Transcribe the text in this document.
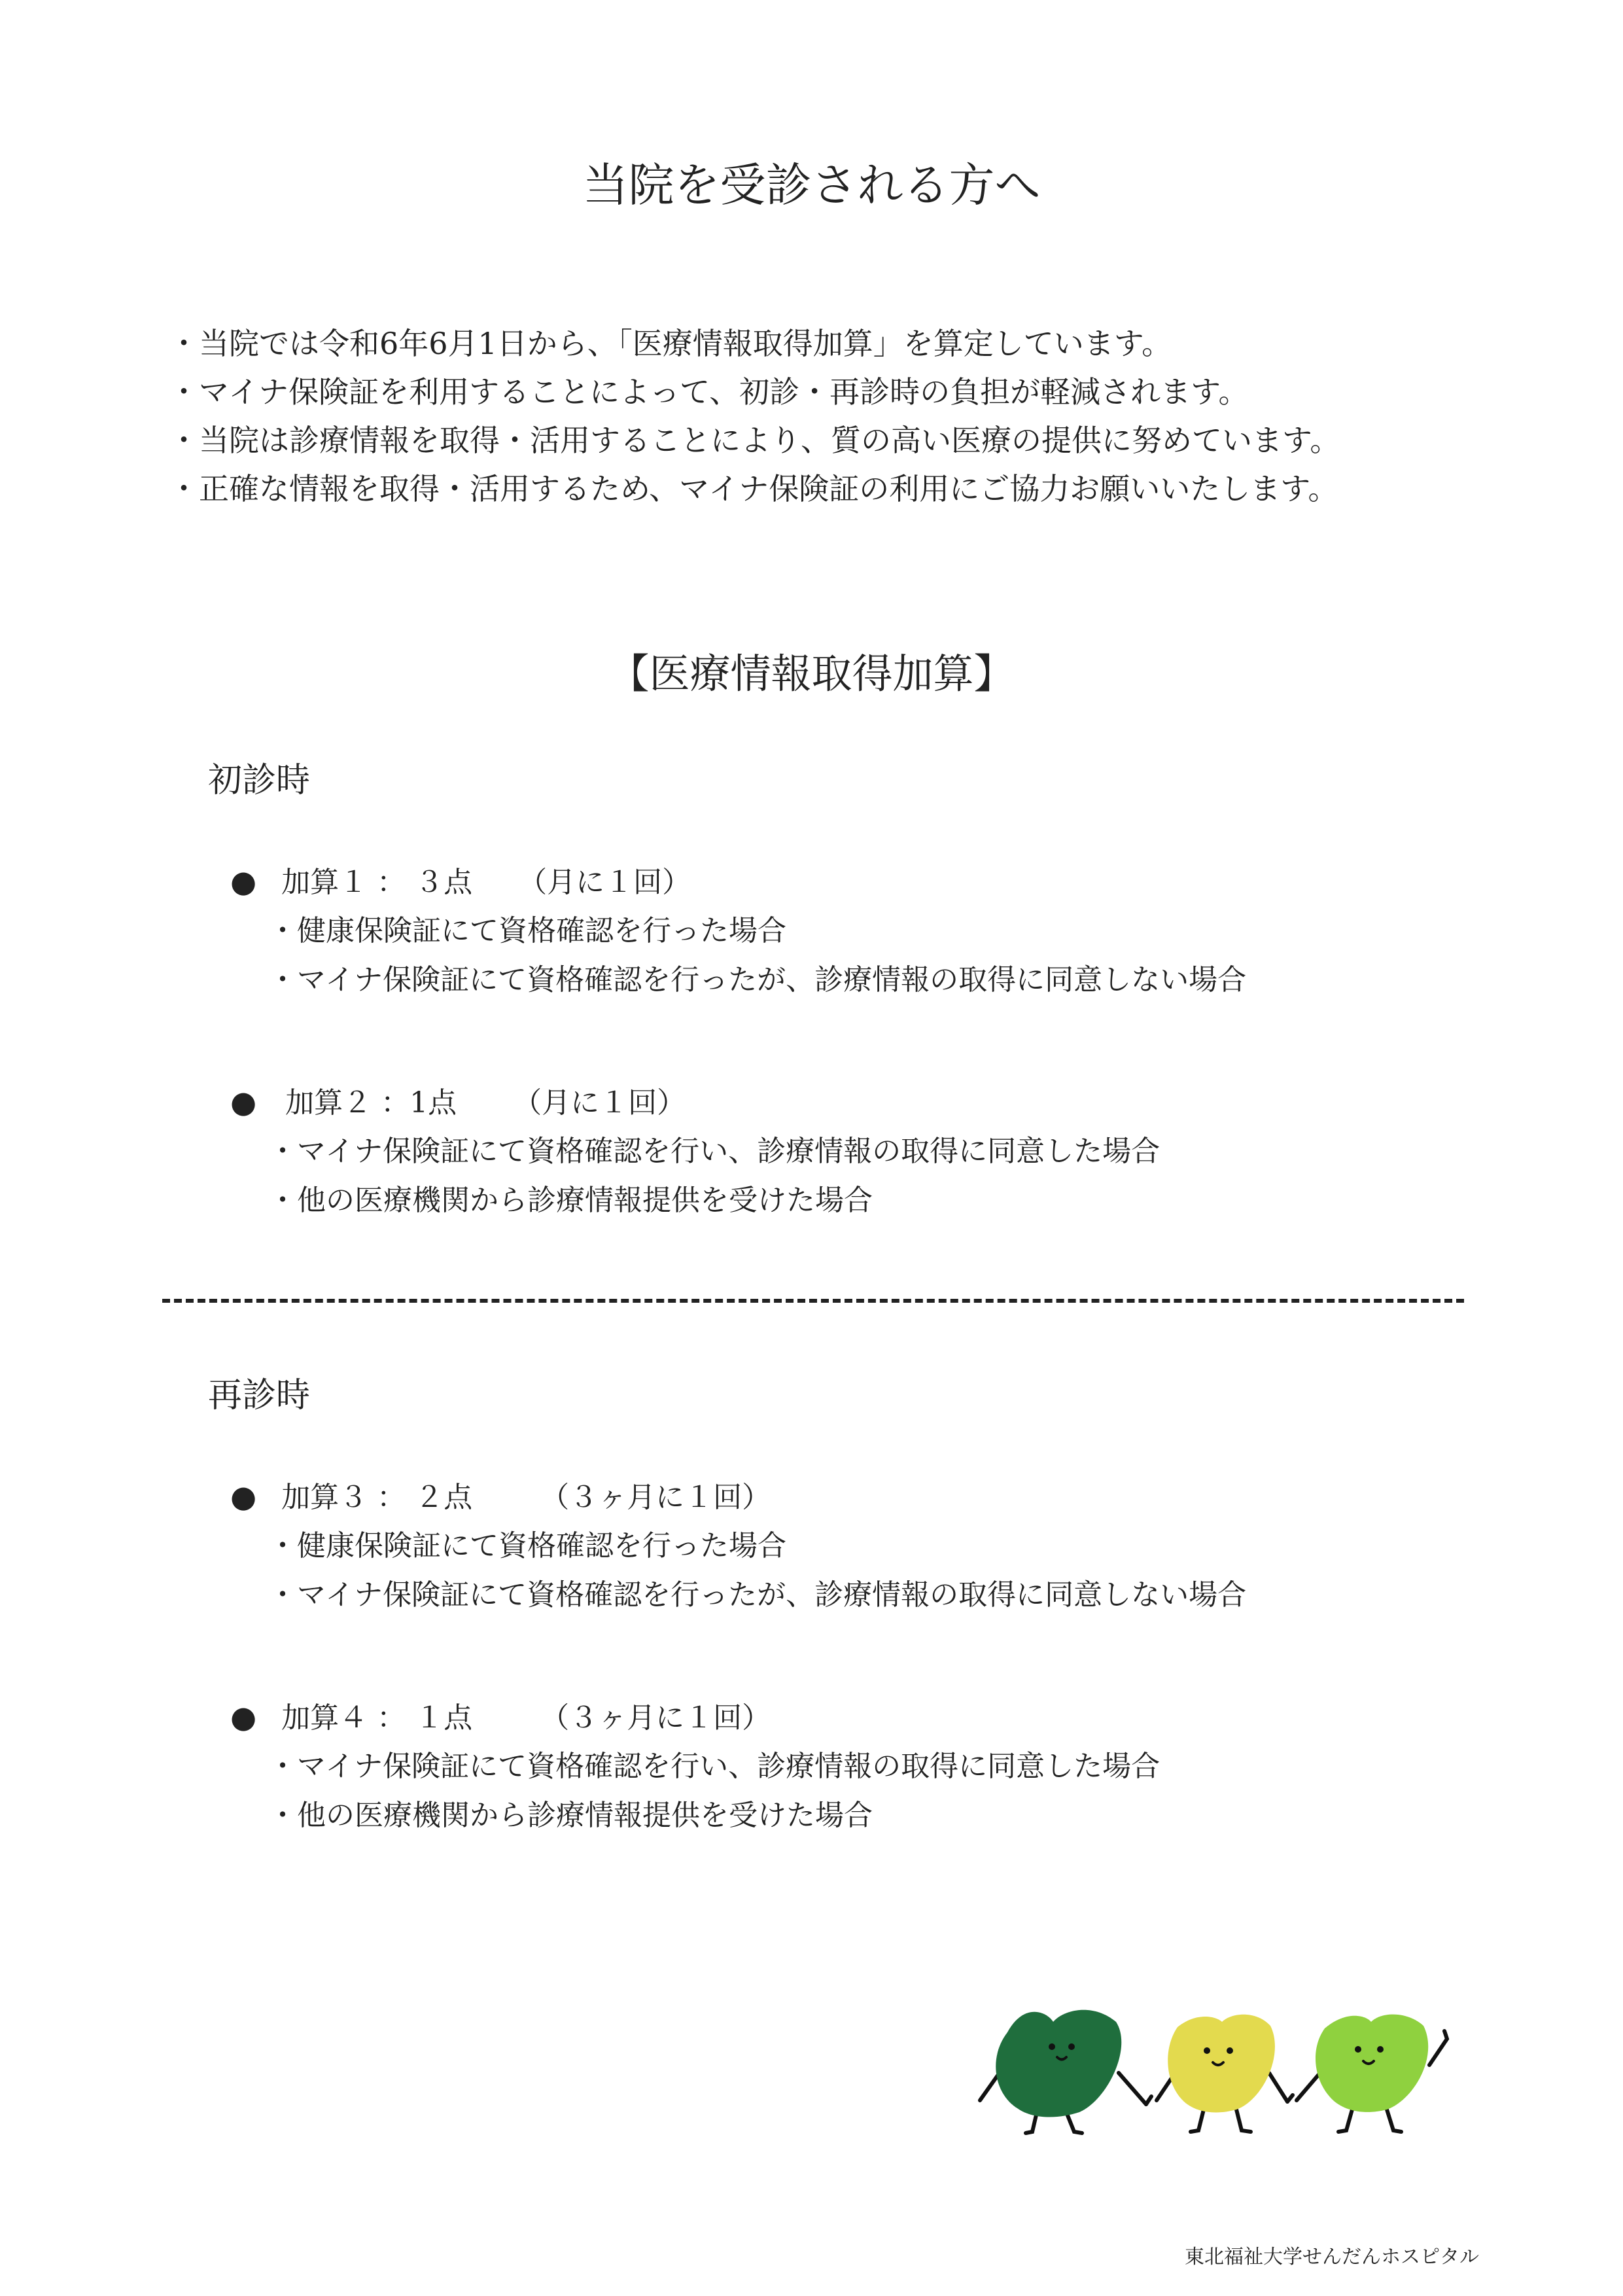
当院を受診される方へ
・当院では令和6年6月1日から、「医療情報取得加算」を算定しています。
・マイナ保険証を利用することによって、初診・再診時の負担が軽減されます。
・当院は診療情報を取得・活用することにより、質の高い医療の提供に努めています。
・正確な情報を取得・活用するため、マイナ保険証の利用にご協力お願いいたします。
【医療情報取得加算】
初診時
● 加算１ ： ３点 （月に１回）
・健康保険証にて資格確認を行った場合
・マイナ保険証にて資格確認を行ったが、診療情報の取得に同意しない場合
● 加算２ ：1点 （月に１回）
・マイナ保険証にて資格確認を行い、診療情報の取得に同意した場合
・他の医療機関から診療情報提供を受けた場合
再診時
● 加算３ ： ２点 （３ヶ月に１回）
・健康保険証にて資格確認を行った場合
・マイナ保険証にて資格確認を行ったが、診療情報の取得に同意しない場合
● 加算４ ： １点 （３ヶ月に１回）
・マイナ保険証にて資格確認を行い、診療情報の取得に同意した場合
・他の医療機関から診療情報提供を受けた場合
東北福祉大学せんだんホスピタル
